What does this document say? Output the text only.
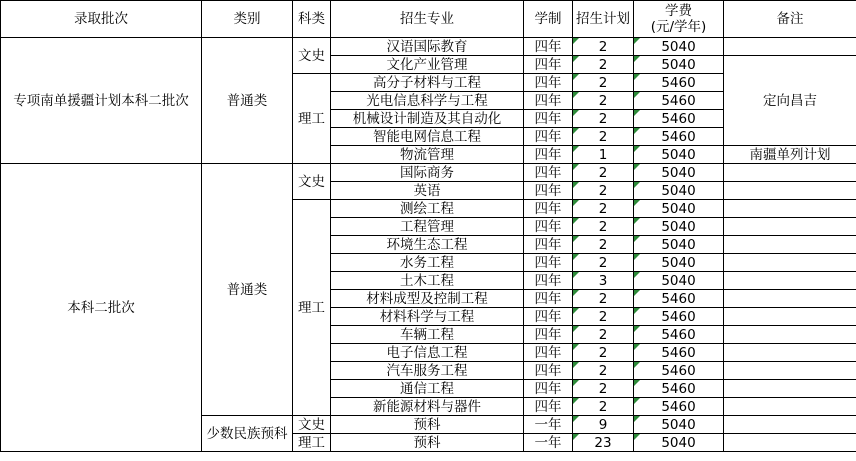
录取批次	类别	科类	招生专业	学制	招生计划	学费
(元/学年)	备注
专项南单援疆计划本科二批次	普通类	文史	汉语国际教育	四年	2	5040	
			文化产业管理	四年	2	5040	定向昌吉
		理工	高分子材料与工程	四年	2	5460	
			光电信息科学与工程	四年	2	5460	
			机械设计制造及其自动化	四年	2	5460	
			智能电网信息工程	四年	2	5460	
			物流管理	四年	1	5040	南疆单列计划
本科二批次	普通类	文史	国际商务	四年	2	5040	
			英语	四年	2	5040	
		理工	测绘工程	四年	2	5040	
			工程管理	四年	2	5040	
			环境生态工程	四年	2	5040	
			水务工程	四年	2	5040	
			土木工程	四年	3	5040	
			材料成型及控制工程	四年	2	5460	
			材料科学与工程	四年	2	5460	
			车辆工程	四年	2	5460	
			电子信息工程	四年	2	5460	
			汽车服务工程	四年	2	5460	
			通信工程	四年	2	5460	
			新能源材料与器件	四年	2	5460	
	少数民族预科	文史	预科	一年	9	5040	
		理工	预科	一年	23	5040	
